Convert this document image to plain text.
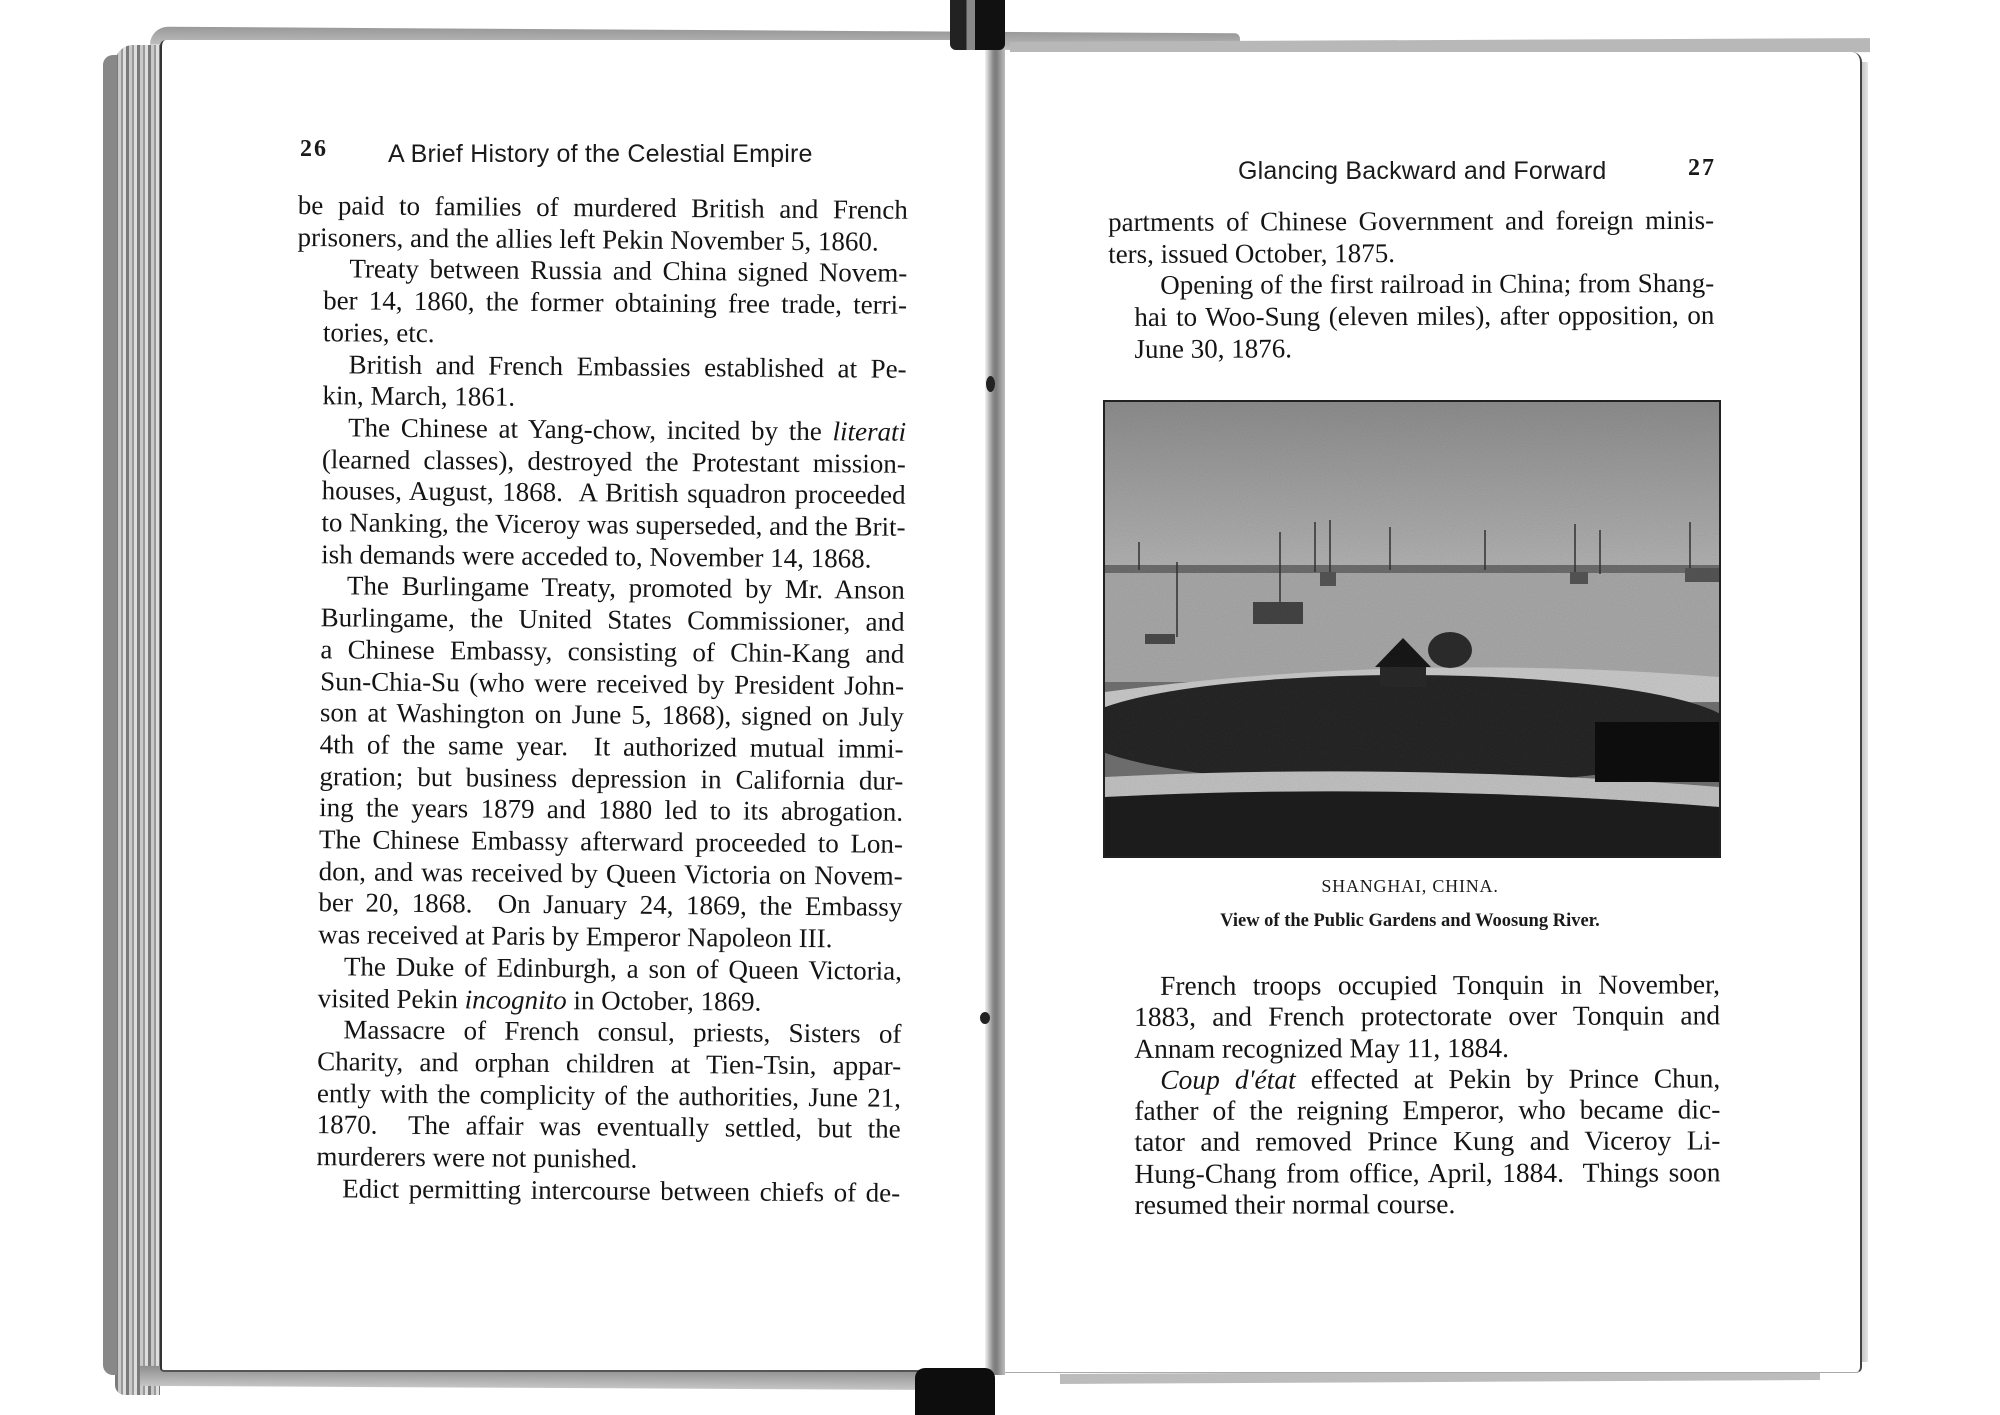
26 A Brief History of the Celestial Empire

be paid to families of murdered British and French
prisoners, and the allies left Pekin November 5, 1860.

Treaty between Russia and China signed Novem-
ber 14, 1860, the former obtaining free trade, terri-
tories, etc.

British and French Embassies established at Pe-
kin, March, 1861.

The Chinese at Yang-chow, incited by the literati
(learned classes), destroyed the Protestant mission-
houses, August, 1868.  A British squadron proceeded
to Nanking, the Viceroy was superseded, and the Brit-
ish demands were acceded to, November 14, 1868.

The Burlingame Treaty, promoted by Mr. Anson
Burlingame, the United States Commissioner, and
a Chinese Embassy, consisting of Chin-Kang and
Sun-Chia-Su (who were received by President John-
son at Washington on June 5, 1868), signed on July
4th of the same year.  It authorized mutual immi-
gration; but business depression in California dur-
ing the years 1879 and 1880 led to its abrogation.
The Chinese Embassy afterward proceeded to Lon-
don, and was received by Queen Victoria on Novem-
ber 20, 1868.  On January 24, 1869, the Embassy
was received at Paris by Emperor Napoleon III.

The Duke of Edinburgh, a son of Queen Victoria,
visited Pekin incognito in October, 1869.

Massacre of French consul, priests, Sisters of
Charity, and orphan children at Tien-Tsin, appar-
ently with the complicity of the authorities, June 21,
1870.  The affair was eventually settled, but the
murderers were not punished.

Edict permitting intercourse between chiefs of de-

Glancing Backward and Forward	27

partments of Chinese Government and foreign minis-
ters, issued October, 1875.

Opening of the first railroad in China; from Shang-
hai to Woo-Sung (eleven miles), after opposition, on
June 30, 1876.

SHANGHAI, CHINA.
View of the Public Gardens and Woosung River.

French troops occupied Tonquin in November,
1883, and French protectorate over Tonquin and
Annam recognized May 11, 1884.

Coup d'état effected at Pekin by Prince Chun,
father of the reigning Emperor, who became dic-
tator and removed Prince Kung and Viceroy Li-
Hung-Chang from office, April, 1884.  Things soon
resumed their normal course.
